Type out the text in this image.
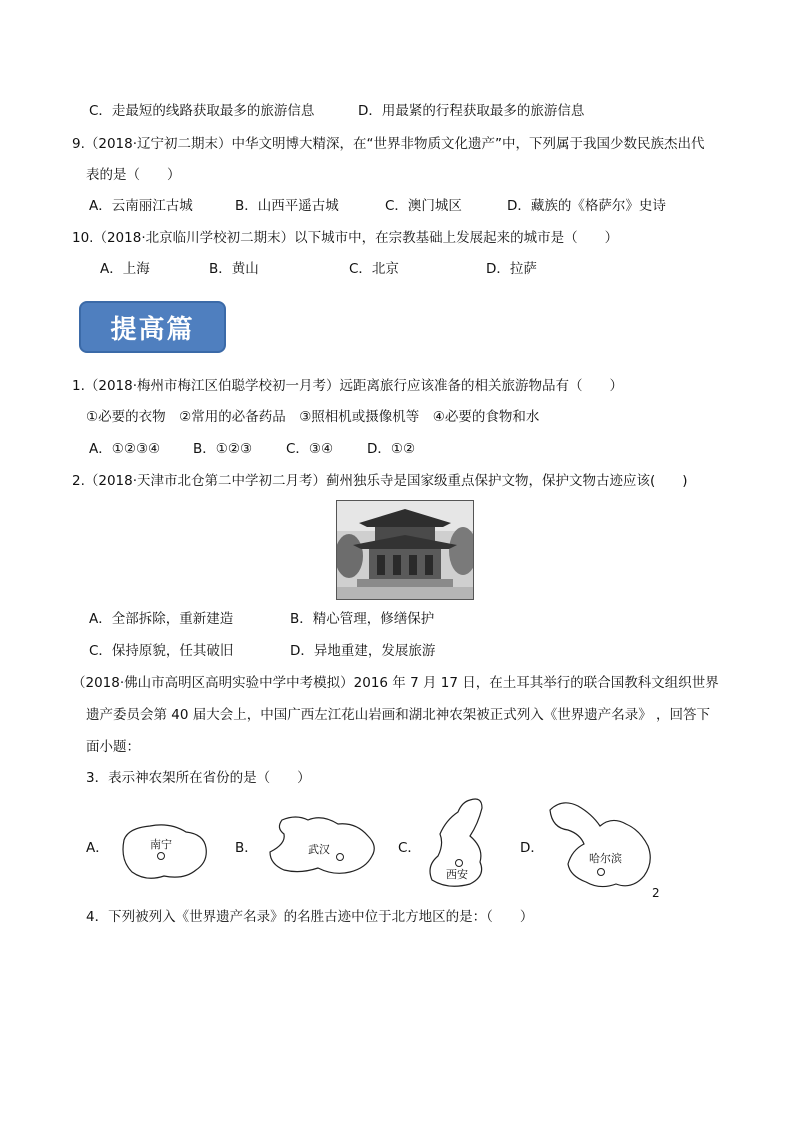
C．走最短的线路获取最多的旅游信息	D．用最紧的行程获取最多的旅游信息
9.（2018·辽宁初二期末）中华文明博大精深，在“世界非物质文化遗产”中，下列属于我国少数民族杰出代
表的是（　　）
A．云南丽江古城	B．山西平遥古城	C．澳门城区	D．藏族的《格萨尔》史诗
10.（2018·北京临川学校初二期末）以下城市中，在宗教基础上发展起来的城市是（　　）
A．上海	B．黄山	C．北京	D．拉萨
提高篇
1.（2018·梅州市梅江区伯聪学校初一月考）远距离旅行应该准备的相关旅游物品有（　　）
①必要的衣物　②常用的必备药品　③照相机或摄像机等　④必要的食物和水
A．①②③④ B．①②③	C．③④	D．①②
2.（2018·天津市北仓第二中学初二月考）蓟州独乐寺是国家级重点保护文物，保护文物古迹应该(　　)
A．全部拆除，重新建造	B．精心管理，修缮保护
C．保持原貌，任其破旧	D．异地重建，发展旅游
（2018·佛山市高明区高明实验中学中考模拟）2016 年 7 月 17 日，在土耳其举行的联合国教科文组织世界
遗产委员会第 40 届大会上，中国广西左江花山岩画和湖北神农架被正式列入《世界遗产名录》 ，回答下
面小题：
3．表示神农架所在省份的是（　　）
A．	B．	C．	D．
南宁	武汉
西安
哈尔滨
2
4．下列被列入《世界遗产名录》的名胜古迹中位于北方地区的是：（　　）
